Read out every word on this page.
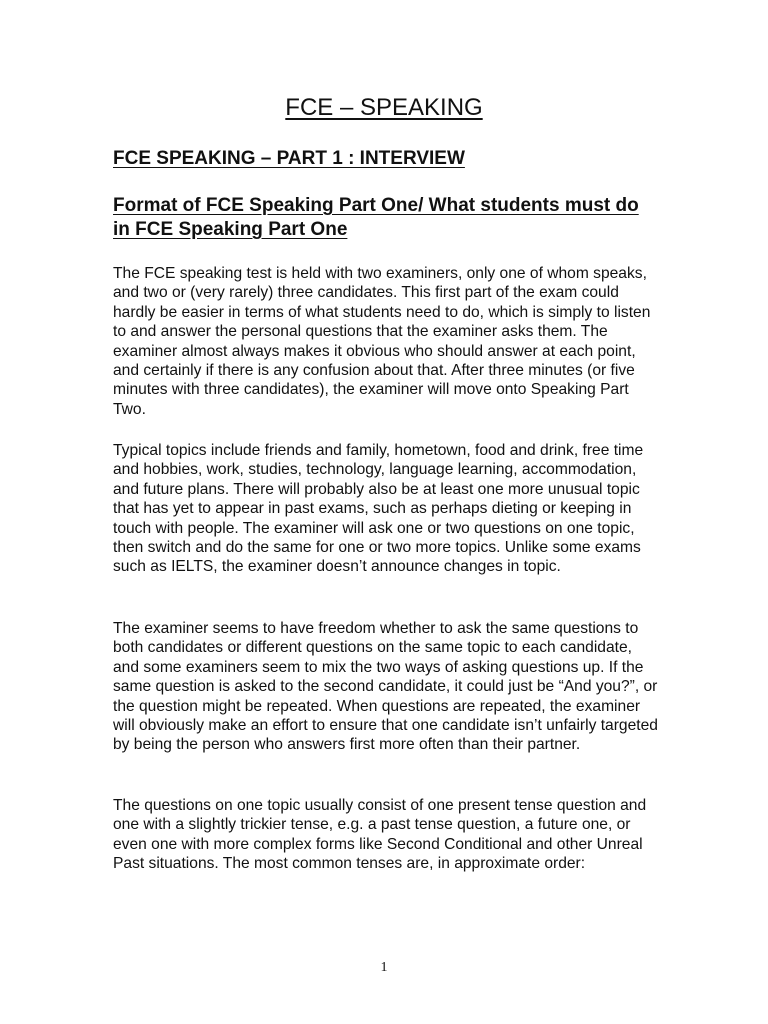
FCE – SPEAKING
FCE SPEAKING – PART 1 : INTERVIEW
Format of FCE Speaking Part One/ What students must do in FCE Speaking Part One

The FCE speaking test is held with two examiners, only one of whom speaks, and two or (very rarely) three candidates. This first part of the exam could hardly be easier in terms of what students need to do, which is simply to listen to and answer the personal questions that the examiner asks them. The examiner almost always makes it obvious who should answer at each point, and certainly if there is any confusion about that. After three minutes (or five minutes with three candidates), the examiner will move onto Speaking Part Two.

Typical topics include friends and family, hometown, food and drink, free time and hobbies, work, studies, technology, language learning, accommodation, and future plans. There will probably also be at least one more unusual topic that has yet to appear in past exams, such as perhaps dieting or keeping in touch with people. The examiner will ask one or two questions on one topic, then switch and do the same for one or two more topics. Unlike some exams such as IELTS, the examiner doesn’t announce changes in topic.

The examiner seems to have freedom whether to ask the same questions to both candidates or different questions on the same topic to each candidate, and some examiners seem to mix the two ways of asking questions up. If the same question is asked to the second candidate, it could just be “And you?”, or the question might be repeated. When questions are repeated, the examiner will obviously make an effort to ensure that one candidate isn’t unfairly targeted by being the person who answers first more often than their partner.

The questions on one topic usually consist of one present tense question and one with a slightly trickier tense, e.g. a past tense question, a future one, or even one with more complex forms like Second Conditional and other Unreal Past situations. The most common tenses are, in approximate order:

1
